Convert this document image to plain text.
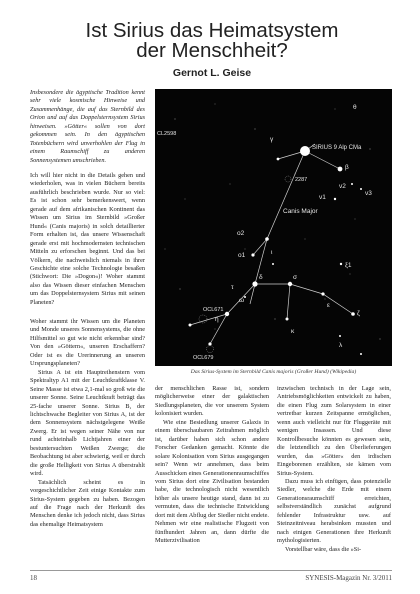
Ist Sirius das Heimatsystem
der Menschheit?
Gernot L. Geise

Insbesondere die ägyptische Tradition kennt sehr viele kosmische Hinweise und Zusammenhänge, die auf das Sternbild des Orion und auf das Doppelsternsystem Sirius hinweisen. »Götter« sollen von dort gekommen sein. In den ägyptischen Totenbüchern wird unverhohlen der Flug in einem Raumschiff zu anderen Sonnensystemen umschrieben.

Ich will hier nicht in die Details gehen und wiederholen, was in vielen Büchern bereits ausführlich beschrieben wurde. Nur so viel: Es ist schon sehr bemerkenswert, wenn gerade auf dem afrikanischen Kontinent das Wissen um Sirius im Sternbild »Großer Hund« (Canis majoris) in solch detaillierter Form erhalten ist, das unsere Wissenschaft gerade erst mit hochmodernsten technischen Mitteln zu erforschen beginnt. Und das bei Völkern, die nachweislich niemals in ihrer Geschichte eine solche Technologie besaßen (Stichwort: Die »Dogon«)! Woher stammt also das Wissen dieser einfachen Menschen um das Doppelsternsystem Sirius mit seinen Planeten?

Woher stammt ihr Wissen um die Planeten und Monde unseres Sonnensystems, die ohne Hilfsmittel so gut wie nicht erkennbar sind? Von den »Göttern«, unseren Erschaffern? Oder ist es die Urerinnerung an unseren Ursprungsplaneten?

Sirius A ist ein Hauptreihenstern vom Spektraltyp A1 mit der Leuchtkraftklasse V. Seine Masse ist etwa 2,1-mal so groß wie die unserer Sonne. Seine Leuchtkraft beträgt das 25-fache unserer Sonne. Sirius B, der lichtschwache Begleiter von Sirius A, ist der dem Sonnensystem nächstgelegene Weiße Zwerg. Er ist wegen seiner Nähe von nur rund achteinhalb Lichtjahren einer der bestuntersuchten Weißen Zwerge; die Beobachtung ist aber schwierig, weil er durch die große Helligkeit von Sirius A überstrahlt wird.

Tatsächlich scheint es in vorgeschichtlicher Zeit einige Kontakte zum Sirius-System gegeben zu haben. Bezogen auf die Frage nach der Herkunft des Menschen denke ich jedoch nicht, dass Sirius das ehemalige Heimatsystem

θ
γ
SIRIUS 9 Alp CMa
β
ν2
ν3
ν1
2287
Canis Major
ο2
ο1
ξ1
ι
τ
ω
δ	σ
ε
κ
λ
η
ζ
OCL671
OCL679
CL2598
Das Sirius-System im Sternbild Canis majoris (Großer Hund) (Wikipedia)

der menschlichen Rasse ist, sondern möglicherweise einer der galaktischen Siedlungsplaneten, die vor unserem System kolonisiert wurden.

Wie eine Besiedlung unserer Galaxis in einem überschaubaren Zeitrahmen möglich ist, darüber haben sich schon andere Forscher Gedanken gemacht. Könnte die solare Kolonisation vom Sirius ausgegangen sein? Wenn wir annehmen, dass beim Ausschicken eines Generationenraumschiffes vom Sirius dort eine Zivilisation bestanden habe, die technologisch nicht wesentlich höher als unsere heutige stand, dann ist zu vermuten, dass die technische Entwicklung dort mit dem Abflug der Siedler nicht endete. Nehmen wir eine realistische Flugzeit von fünfhundert Jahren an, dann dürfte die Mutterzivilisation

inzwischen technisch in der Lage sein, Antriebsmöglichkeiten entwickelt zu haben, die einen Flug zum Solarsystem in einer vertretbar kurzen Zeitspanne ermöglichen, wenn auch vielleicht nur für Fluggeräte mit wenigen Insassen. Und diese Kontrollbesuche könnten es gewesen sein, die letztendlich zu den Überlieferungen wurden, das »Götter« den irdischen Eingeborenen erzählten, sie kämen vom Sirius-System.

Dazu muss ich einfügen, dass potenzielle Siedler, welche die Erde mit einem Generationsraumschiff erreichten, selbstverständlich zunächst aufgrund fehlender Infrastruktur usw. auf Steinzeitniveau herabsinken mussten und nach einigen Generationen ihre Herkunft mythologisierten.

Vorstellbar wäre, dass die »Si-

18	SYNESIS-Magazin Nr. 3/2011
